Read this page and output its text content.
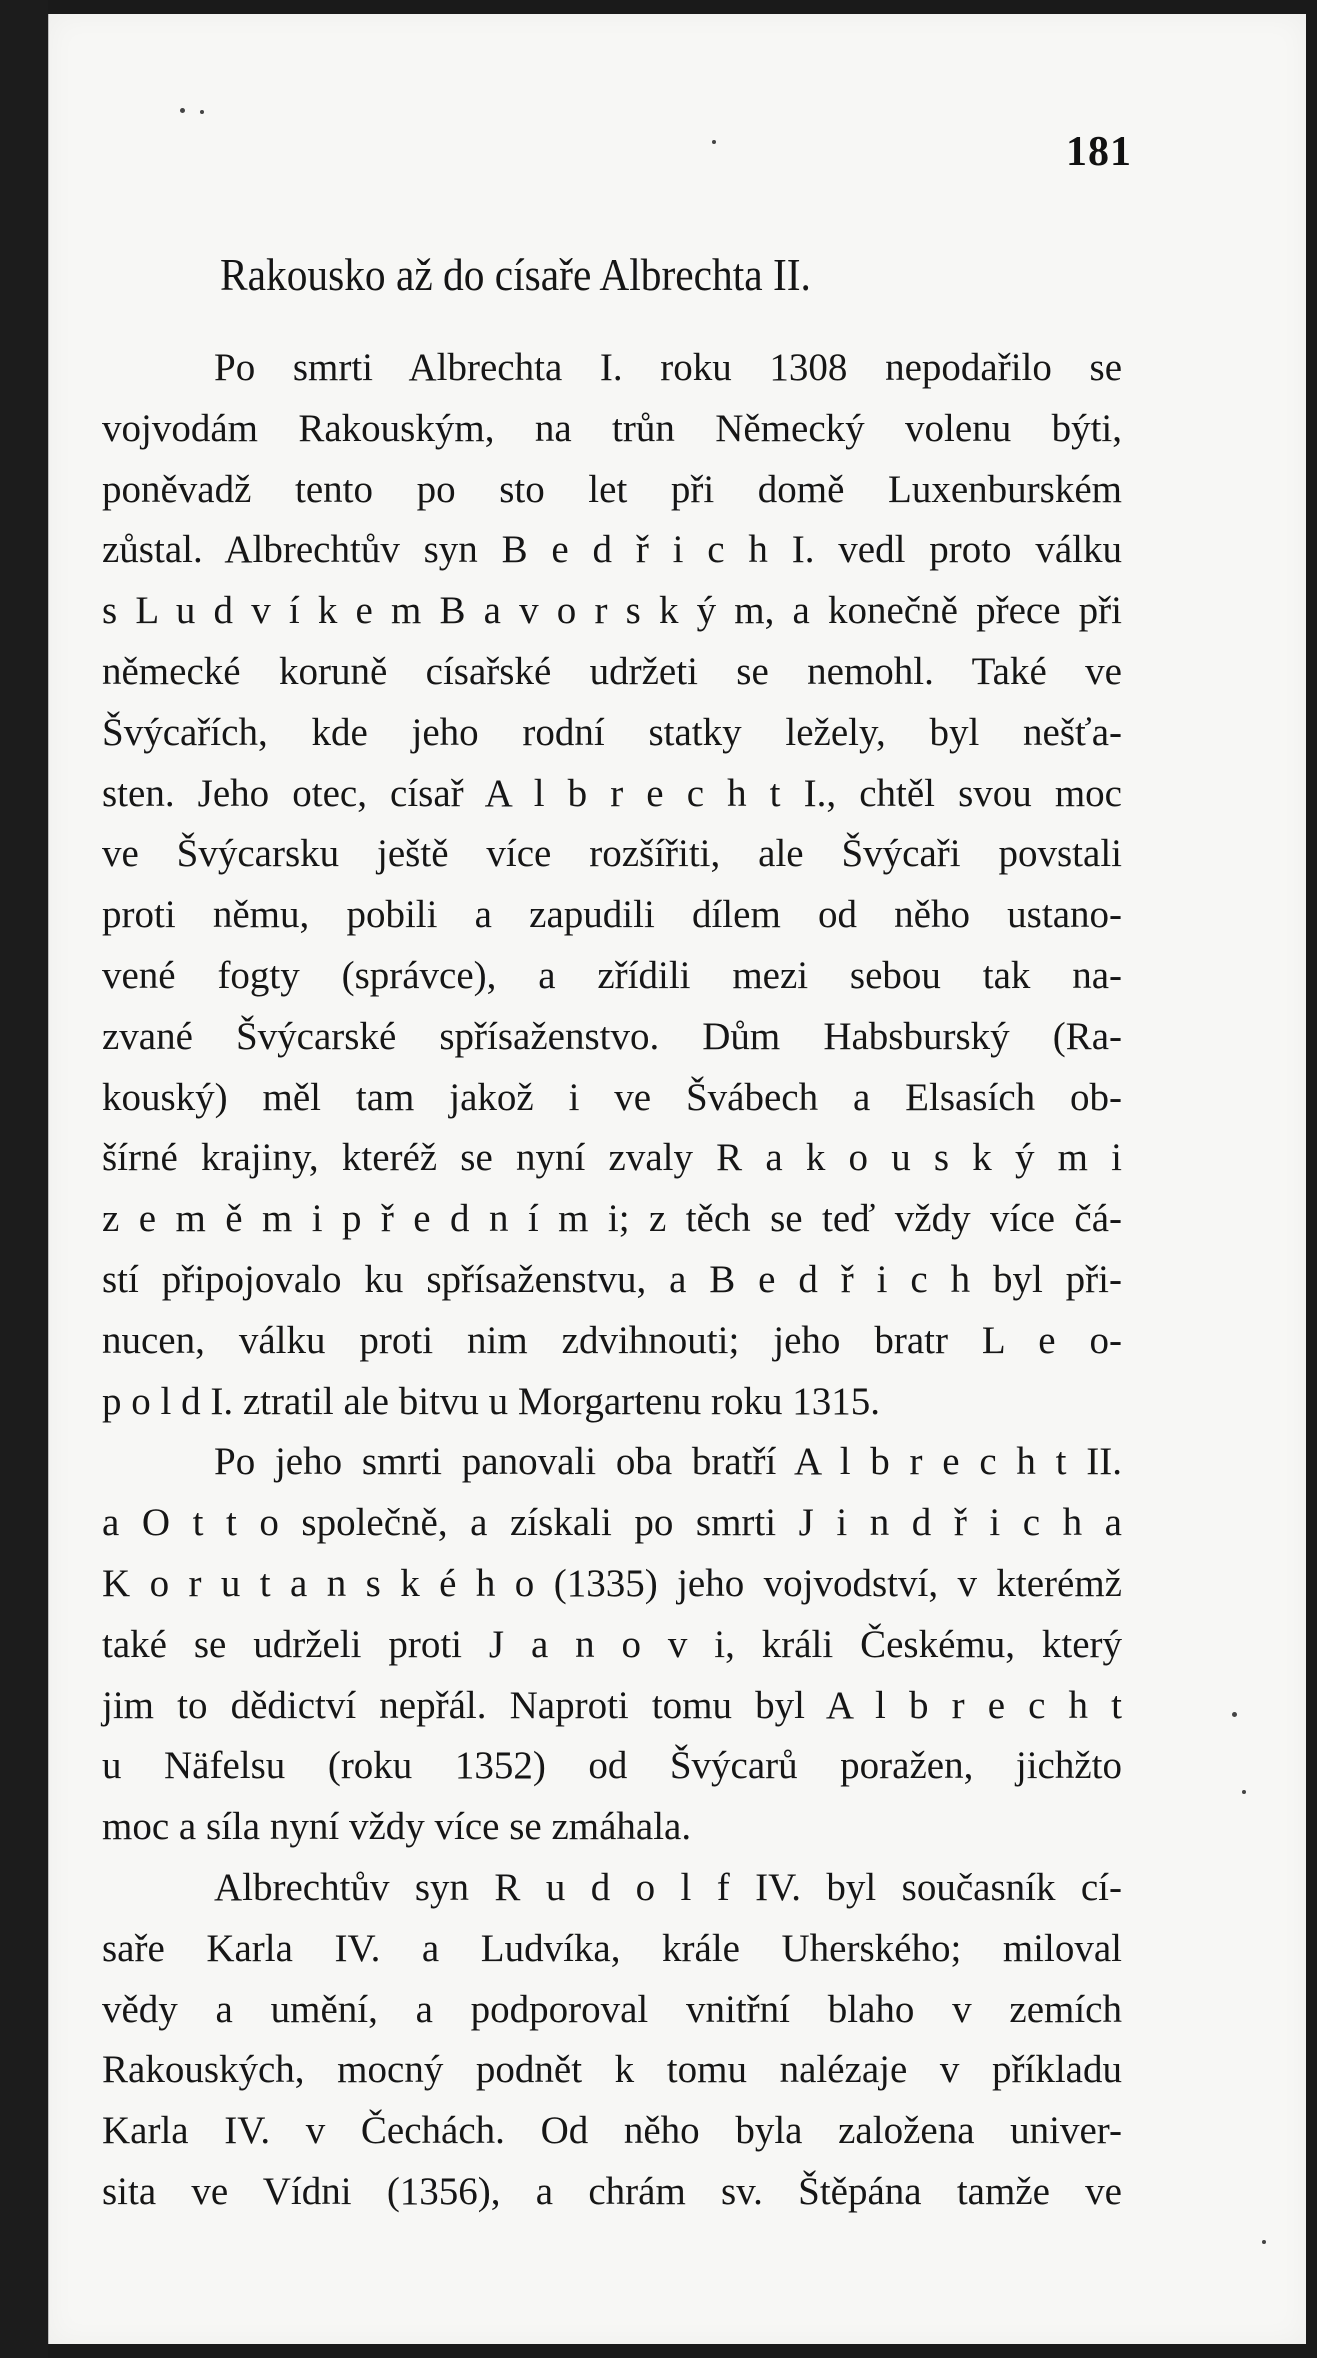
181
Rakousko až do císaře Albrechta II.
Po smrti Albrechta I. roku 1308 nepodařilo se
vojvodám Rakouským, na trůn Německý volenu býti,
poněvadž tento po sto let při domě Luxenburském
zůstal. Albrechtův syn B e d ř i c h I. vedl proto válku
s L u d v í k e m B a v o r s k ý m, a konečně přece při
německé koruně císařské udržeti se nemohl. Také ve
Švýcařích, kde jeho rodní statky ležely, byl nešťa-
sten. Jeho otec, císař A l b r e c h t I., chtěl svou moc
ve Švýcarsku ještě více rozšířiti, ale Švýcaři povstali
proti němu, pobili a zapudili dílem od něho ustano-
vené fogty (správce), a zřídili mezi sebou tak na-
zvané Švýcarské spřísaženstvo. Dům Habsburský (Ra-
kouský) měl tam jakož i ve Švábech a Elsasích ob-
šírné krajiny, kteréž se nyní zvaly R a k o u s k ý m i
z e m ě m i p ř e d n í m i; z těch se teď vždy více čá-
stí připojovalo ku spřísaženstvu, a B e d ř i c h byl při-
nucen, válku proti nim zdvihnouti; jeho bratr L e o-
p o l d I. ztratil ale bitvu u Morgartenu roku 1315.
Po jeho smrti panovali oba bratří A l b r e c h t II.
a O t t o společně, a získali po smrti J i n d ř i c h a
K o r u t a n s k é h o (1335) jeho vojvodství, v kterémž
také se udrželi proti J a n o v i, králi Českému, který
jim to dědictví nepřál. Naproti tomu byl A l b r e c h t
u Näfelsu (roku 1352) od Švýcarů poražen, jichžto
moc a síla nyní vždy více se zmáhala.
Albrechtův syn R u d o l f IV. byl současník cí-
saře Karla IV. a Ludvíka, krále Uherského; miloval
vědy a umění, a podporoval vnitřní blaho v zemích
Rakouských, mocný podnět k tomu nalézaje v příkladu
Karla IV. v Čechách. Od něho byla založena univer-
sita ve Vídni (1356), a chrám sv. Štěpána tamže ve
